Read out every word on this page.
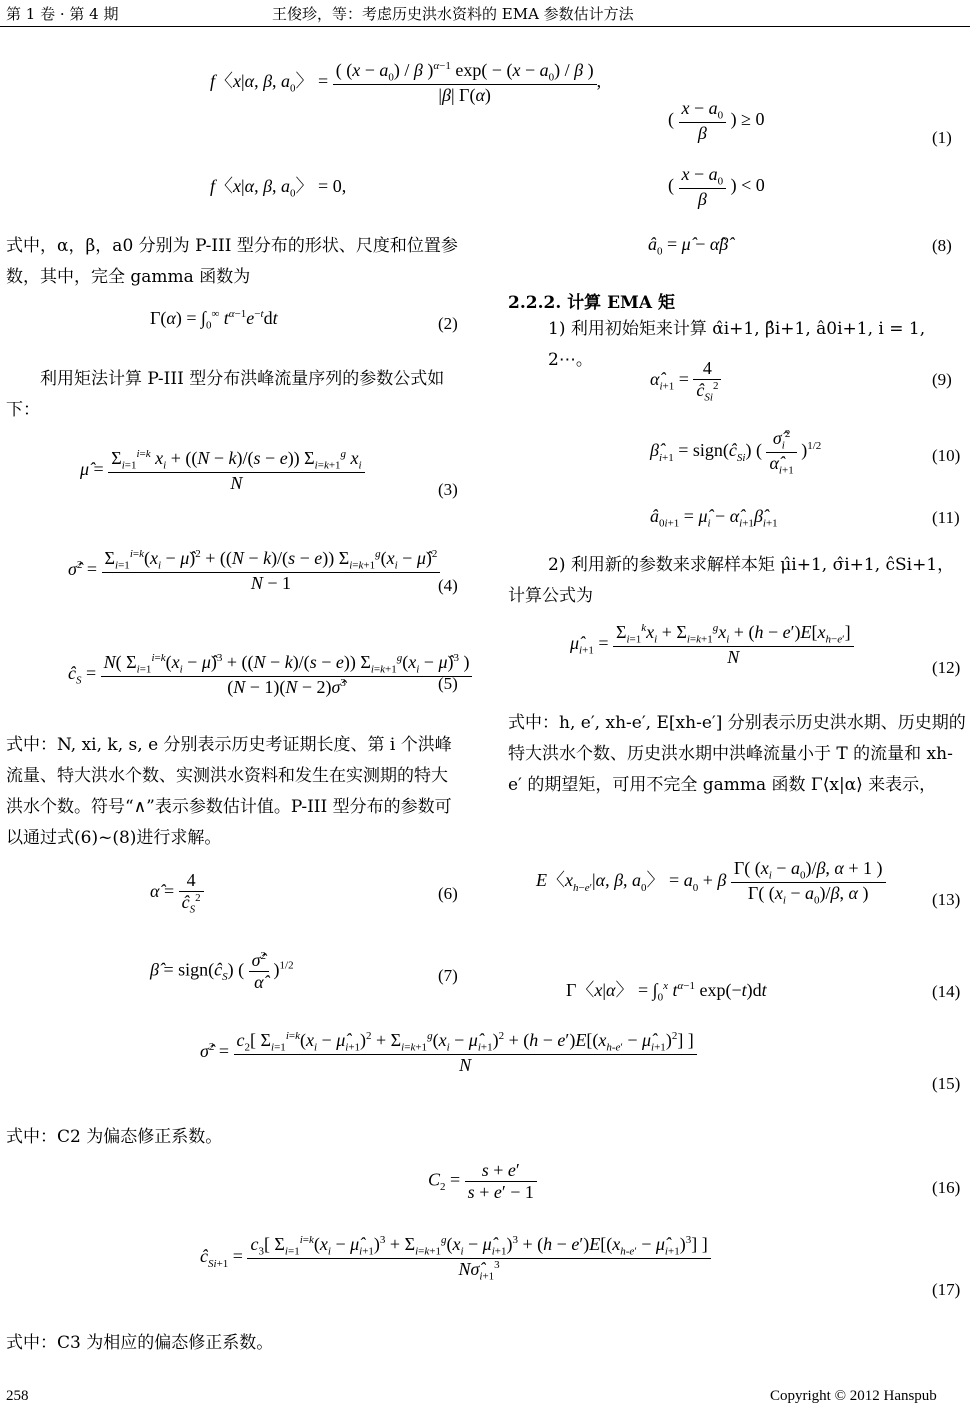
第 1 卷 · 第 4 期	王俊珍，等：考虑历史洪水资料的 EMA 参数估计方法
f〈x|α, β, $a_0$〉 = $\frac{( (x - a_0) / \beta )^{\alpha-1} \exp( - (x - a_0) / \beta )}{|\beta| \Gamma(\alpha)}$ ,
f〈x|α, β, $a_0$〉 = 0,
( $\frac{x - a_0}{\beta}$ ) ≥ 0
( $\frac{x - a_0}{\beta}$ ) < 0
(1)
式中，α，β，a0 分别为 P-III 型分布的形状、尺度和位置参数，其中，完全 gamma 函数为
$\Gamma(\alpha) = \int_0^\infty$ $t^{\alpha-1}e^{-t}dt$	(2)
利用矩法计算 P-III 型分布洪峰流量序列的参数公式如下：
μ̂ = $\frac{\Sigma_{i=1}^{i=k} x_i + ((N - k)/(s - e)) \Sigma_{i=k+1}^g x_i}{N}$	(3)
σ̂$^2$ = $\frac{\Sigma_{i=1}^{i=k}(x_i - \mû)^2 + ((N - k)/(s - e)) \Sigma_{i=k+1}^g(x_i - \mû)^2}{N - 1}$
(4)
$ĉ_S = \frac{N( \Sigma_{i=1}^{i=k}(x_i - \mû)^3 + ((N - k)/(s - e)) \Sigma_{i=k+1}^g(x_i - \mû)^3 )}{(N - 1)(N - 2)\sigmâ^3}$
(5)
式中：N, xi, k, s, e 分别表示历史考证期长度、第 i 个洪峰流量、特大洪水个数、实测洪水资料和发生在实测期的特大洪水个数。符号“∧”表示参数估计值。P-III 型分布的参数可以通过式(6)~(8)进行求解。
α̂ = $\frac{4}{ĉ_S^2}$	(6)
β̂ = $sign(ĉ_S)$ ( $\frac{\sigmâ^2}{\alphâ} )^{1/2}$
(7)
$â_0$ = μ̂ − α̂β̂	(8)
2.2.2. 计算 EMA 矩
1) 利用初始矩来计算 α̂i+1, β̂i+1, â0i+1, i = 1, 2⋯。
$\alphâ_{i+1} = \frac{4}{ĉ_{Si}^2}$	(9)
$\betâ_{i+1}$ = $sign(ĉ_{Si})$ ( $\frac{\sigmâ_i^2}{\alphâ_{i+1}} )^{1/2}$	(10)
$â_{0i+1}$ = $\mû_i$ − $\alphâ_{i+1}\betâ_{i+1}$	(11)
2) 利用新的参数来求解样本矩 μ̂i+1, σ̂i+1, ĉSi+1，计算公式为
$\mû_{i+1} = \frac{\Sigma_{i=1}^kx_i + \Sigma_{i=k+1}^gx_i + (h - e')E[x_{h-e'}]}{N}$	(12)
式中：h, e′, xh-e′, E[xh-e′] 分别表示历史洪水期、历史期的特大洪水个数、历史洪水期中洪峰流量小于 T 的流量和 xh-e′ 的期望矩，可用不完全 gamma 函数 Γ⟨x|α⟩ 来表示，
E〈$x_{h-e'}|\alpha$, β, $a_0$〉 = $a_0 + \beta \frac{\Gamma( (x_i - a_0)/\beta, \alpha + 1 )}{\Gamma( (x_i - a_0)/\beta, \alpha )}$	(13)
Γ〈x|α〉 = $\int_0^x$ $t^{\alpha-1}$ exp(−t)dt	(14)
σ̂$^2$ =
$c_2$[ $\Sigma_{i=1}^{i=k}(x_i$ − $\mû_{i+1})^2 + \Sigma_{i=k+1}^g(x_i$ − $\mû_{i+1})^2 + (h - e')E[(x_{h-e'}$ − $\mû_{i+1})^2$] ]
N
(15)
式中：C2 为偏态修正系数。
$C_2 = \frac{s + e'}{s + e' - 1}$	(16)
$ĉ_{Si+1}$ =
$c_3$[ $\Sigma_{i=1}^{i=k}(x_i$ − $\mû_{i+1})^3 + \Sigma_{i=k+1}^g(x_i$ − $\mû_{i+1})^3 + (h - e')E[(x_{h-e'}$ − $\mû_{i+1})^3$] ]
$N\sigmâ_{i+1}^3$
(17)
式中：C3 为相应的偏态修正系数。
258	Copyright © 2012 Hanspub
